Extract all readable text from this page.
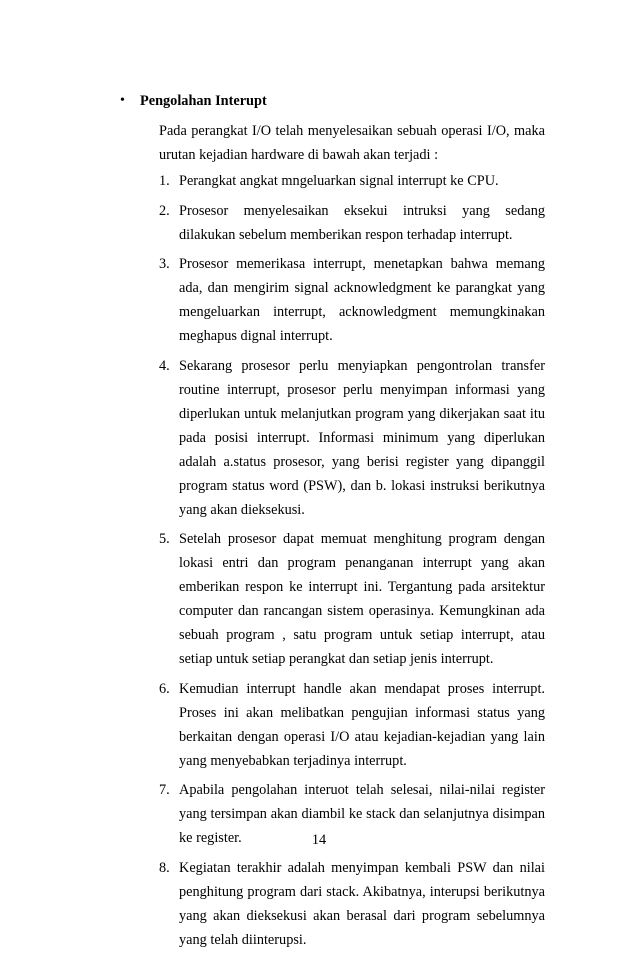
• Pengolahan Interupt

Pada perangkat I/O telah menyelesaikan sebuah operasi I/O, maka urutan kejadian hardware di bawah akan terjadi :

1. Perangkat angkat mngeluarkan signal interrupt ke CPU.
2. Prosesor menyelesaikan eksekui intruksi yang sedang dilakukan sebelum memberikan respon terhadap interrupt.
3. Prosesor memerikasa interrupt, menetapkan bahwa memang ada, dan mengirim signal acknowledgment ke parangkat yang mengeluarkan interrupt, acknowledgment memungkinakan meghapus dignal interrupt.
4. Sekarang prosesor perlu menyiapkan pengontrolan transfer routine interrupt, prosesor perlu menyimpan informasi yang diperlukan untuk melanjutkan program yang dikerjakan saat itu pada posisi interrupt. Informasi minimum yang diperlukan adalah a.status prosesor, yang berisi register yang dipanggil program status word (PSW), dan b. lokasi instruksi berikutnya yang akan dieksekusi.
5. Setelah prosesor dapat memuat menghitung program dengan lokasi entri dan program penanganan interrupt yang akan emberikan respon ke interrupt ini. Tergantung pada arsitektur computer dan rancangan sistem operasinya. Kemungkinan ada sebuah program , satu program untuk setiap interrupt, atau setiap untuk setiap perangkat dan setiap jenis interrupt.
6. Kemudian interrupt handle akan mendapat proses interrupt. Proses ini akan melibatkan pengujian informasi status yang berkaitan dengan operasi I/O atau kejadian-kejadian yang lain yang menyebabkan terjadinya interrupt.
7. Apabila pengolahan interuot telah selesai, nilai-nilai register yang tersimpan akan diambil ke stack dan selanjutnya disimpan ke register.
8. Kegiatan terakhir adalah menyimpan kembali PSW dan nilai penghitung program dari stack. Akibatnya, interupsi berikutnya yang akan dieksekusi akan berasal dari program sebelumnya yang telah diinterupsi.
14
